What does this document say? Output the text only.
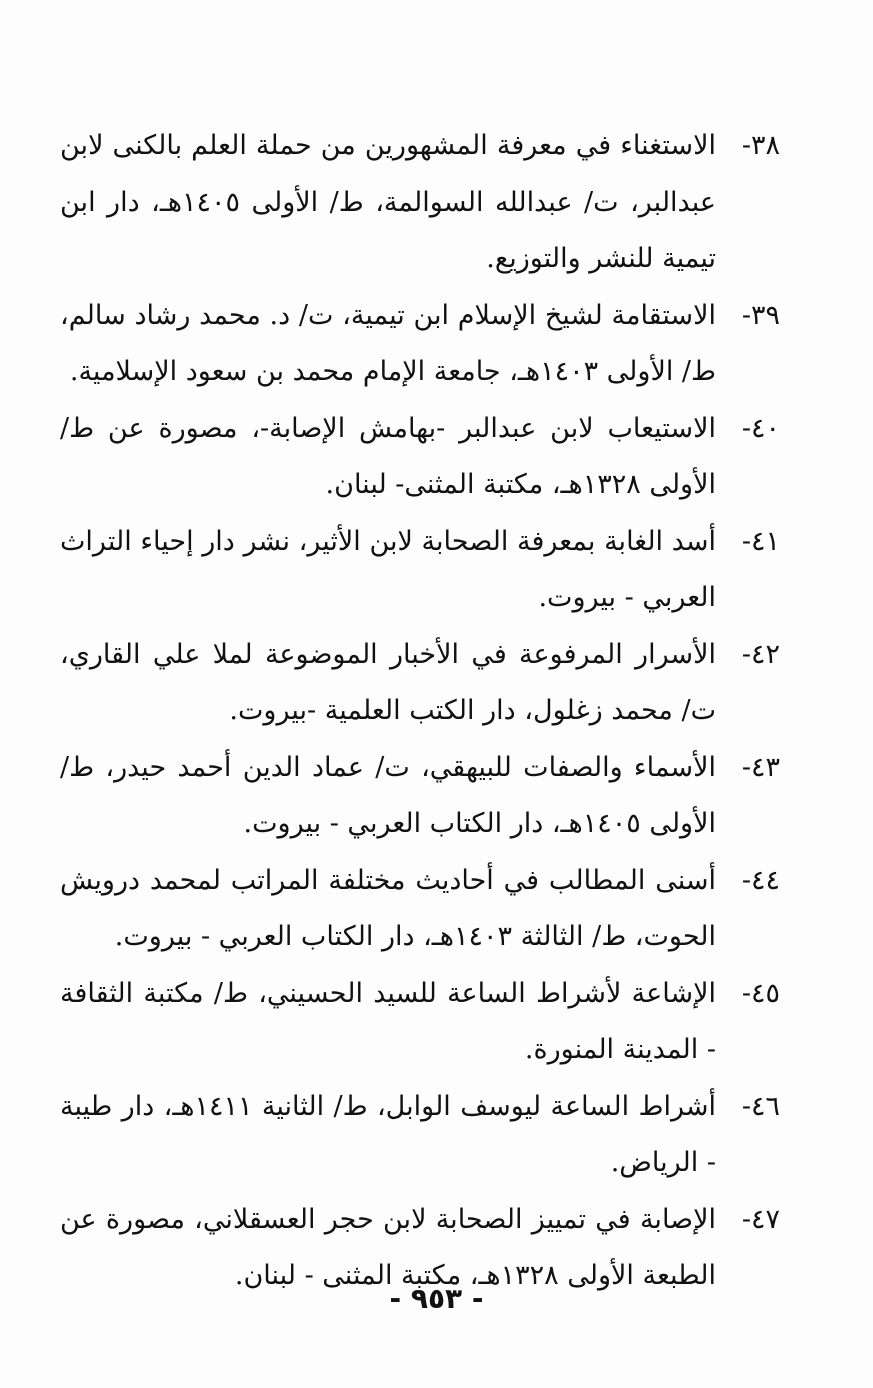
٣٨-
الاستغناء في معرفة المشهورين من حملة العلم بالكنى لابن عبدالبر، ت/ عبدالله السوالمة، ط/ الأولى ١٤٠٥هـ، دار ابن تيمية للنشر والتوزيع.

٣٩-
الاستقامة لشيخ الإسلام ابن تيمية، ت/ د. محمد رشاد سالم، ط/ الأولى ١٤٠٣هـ، جامعة الإمام محمد بن سعود الإسلامية.

٤٠-
الاستيعاب لابن عبدالبر -بهامش الإصابة-، مصورة عن ط/ الأولى ١٣٢٨هـ، مكتبة المثنى- لبنان.

٤١-
أسد الغابة بمعرفة الصحابة لابن الأثير، نشر دار إحياء التراث العربي - بيروت.

٤٢-
الأسرار المرفوعة في الأخبار الموضوعة لملا علي القاري، ت/ محمد زغلول، دار الكتب العلمية -بيروت.

٤٣-
الأسماء والصفات للبيهقي، ت/ عماد الدين أحمد حيدر، ط/ الأولى ١٤٠٥هـ، دار الكتاب العربي - بيروت.

٤٤-
أسنى المطالب في أحاديث مختلفة المراتب لمحمد درويش الحوت، ط/ الثالثة ١٤٠٣هـ، دار الكتاب العربي - بيروت.

٤٥-
الإشاعة لأشراط الساعة للسيد الحسيني، ط/ مكتبة الثقافة - المدينة المنورة.

٤٦-
أشراط الساعة ليوسف الوابل، ط/ الثانية ١٤١١هـ، دار طيبة - الرياض.

٤٧-
الإصابة في تمييز الصحابة لابن حجر العسقلاني، مصورة عن الطبعة الأولى ١٣٢٨هـ، مكتبة المثنى - لبنان.

- ٩٥٣ -
